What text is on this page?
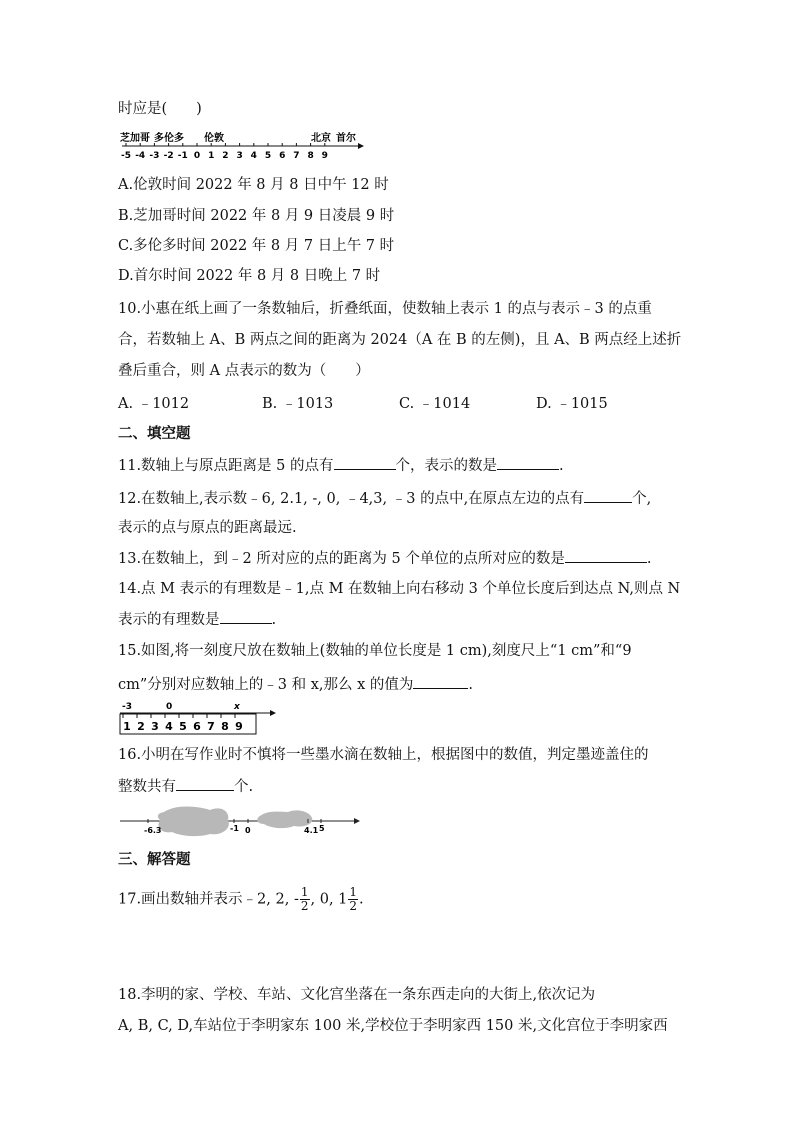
时应是(　　)
芝加哥 多伦多 伦敦	北京 首尔
-5 -4 -3 -2 -1 0 1 2 3 4 5 6 7 8 9
A.伦敦时间 2022 年 8 月 8 日中午 12 时
B.芝加哥时间 2022 年 8 月 9 日凌晨 9 时
C.多伦多时间 2022 年 8 月 7 日上午 7 时
D.首尔时间 2022 年 8 月 8 日晚上 7 时
10.小惠在纸上画了一条数轴后，折叠纸面，使数轴上表示 1 的点与表示﹣3 的点重
合，若数轴上 A、B 两点之间的距离为 2024（A 在 B 的左侧)，且 A、B 两点经上述折
叠后重合，则 A 点表示的数为（　　）
A. ﹣1012	B. ﹣1013	C. ﹣1014	D. ﹣1015
二、填空题
11.数轴上与原点距离是 5 的点有	个，表示的数是	.
12.在数轴上,表示数﹣6, 2.1, -, 0, ﹣4,3, ﹣3 的点中,在原点左边的点有	个,
表示的点与原点的距离最远.
13.在数轴上，到﹣2 所对应的点的距离为 5 个单位的点所对应的数是	.
14.点 M 表示的有理数是﹣1,点 M 在数轴上向右移动 3 个单位长度后到达点 N,则点 N
表示的有理数是	.
15.如图,将一刻度尺放在数轴上(数轴的单位长度是 1 cm),刻度尺上“1 cm”和“9
cm”分别对应数轴上的﹣3 和 x,那么 x 的值为	.
-3	0	x
1 2 3 4 5 6 7 8 9
16.小明在写作业时不慎将一些墨水滴在数轴上，根据图中的数值，判定墨迹盖住的
整数共有	个.
-6.3	-1 0	4.1 5
三、解答题
17.画出数轴并表示﹣2, 2, - $\frac{1}{2}$ , 0, $1 \frac{1}{2}$ .
18.李明的家、学校、车站、文化宫坐落在一条东西走向的大街上,依次记为
A, B, C, D,车站位于李明家东 100 米,学校位于李明家西 150 米,文化宫位于李明家西
